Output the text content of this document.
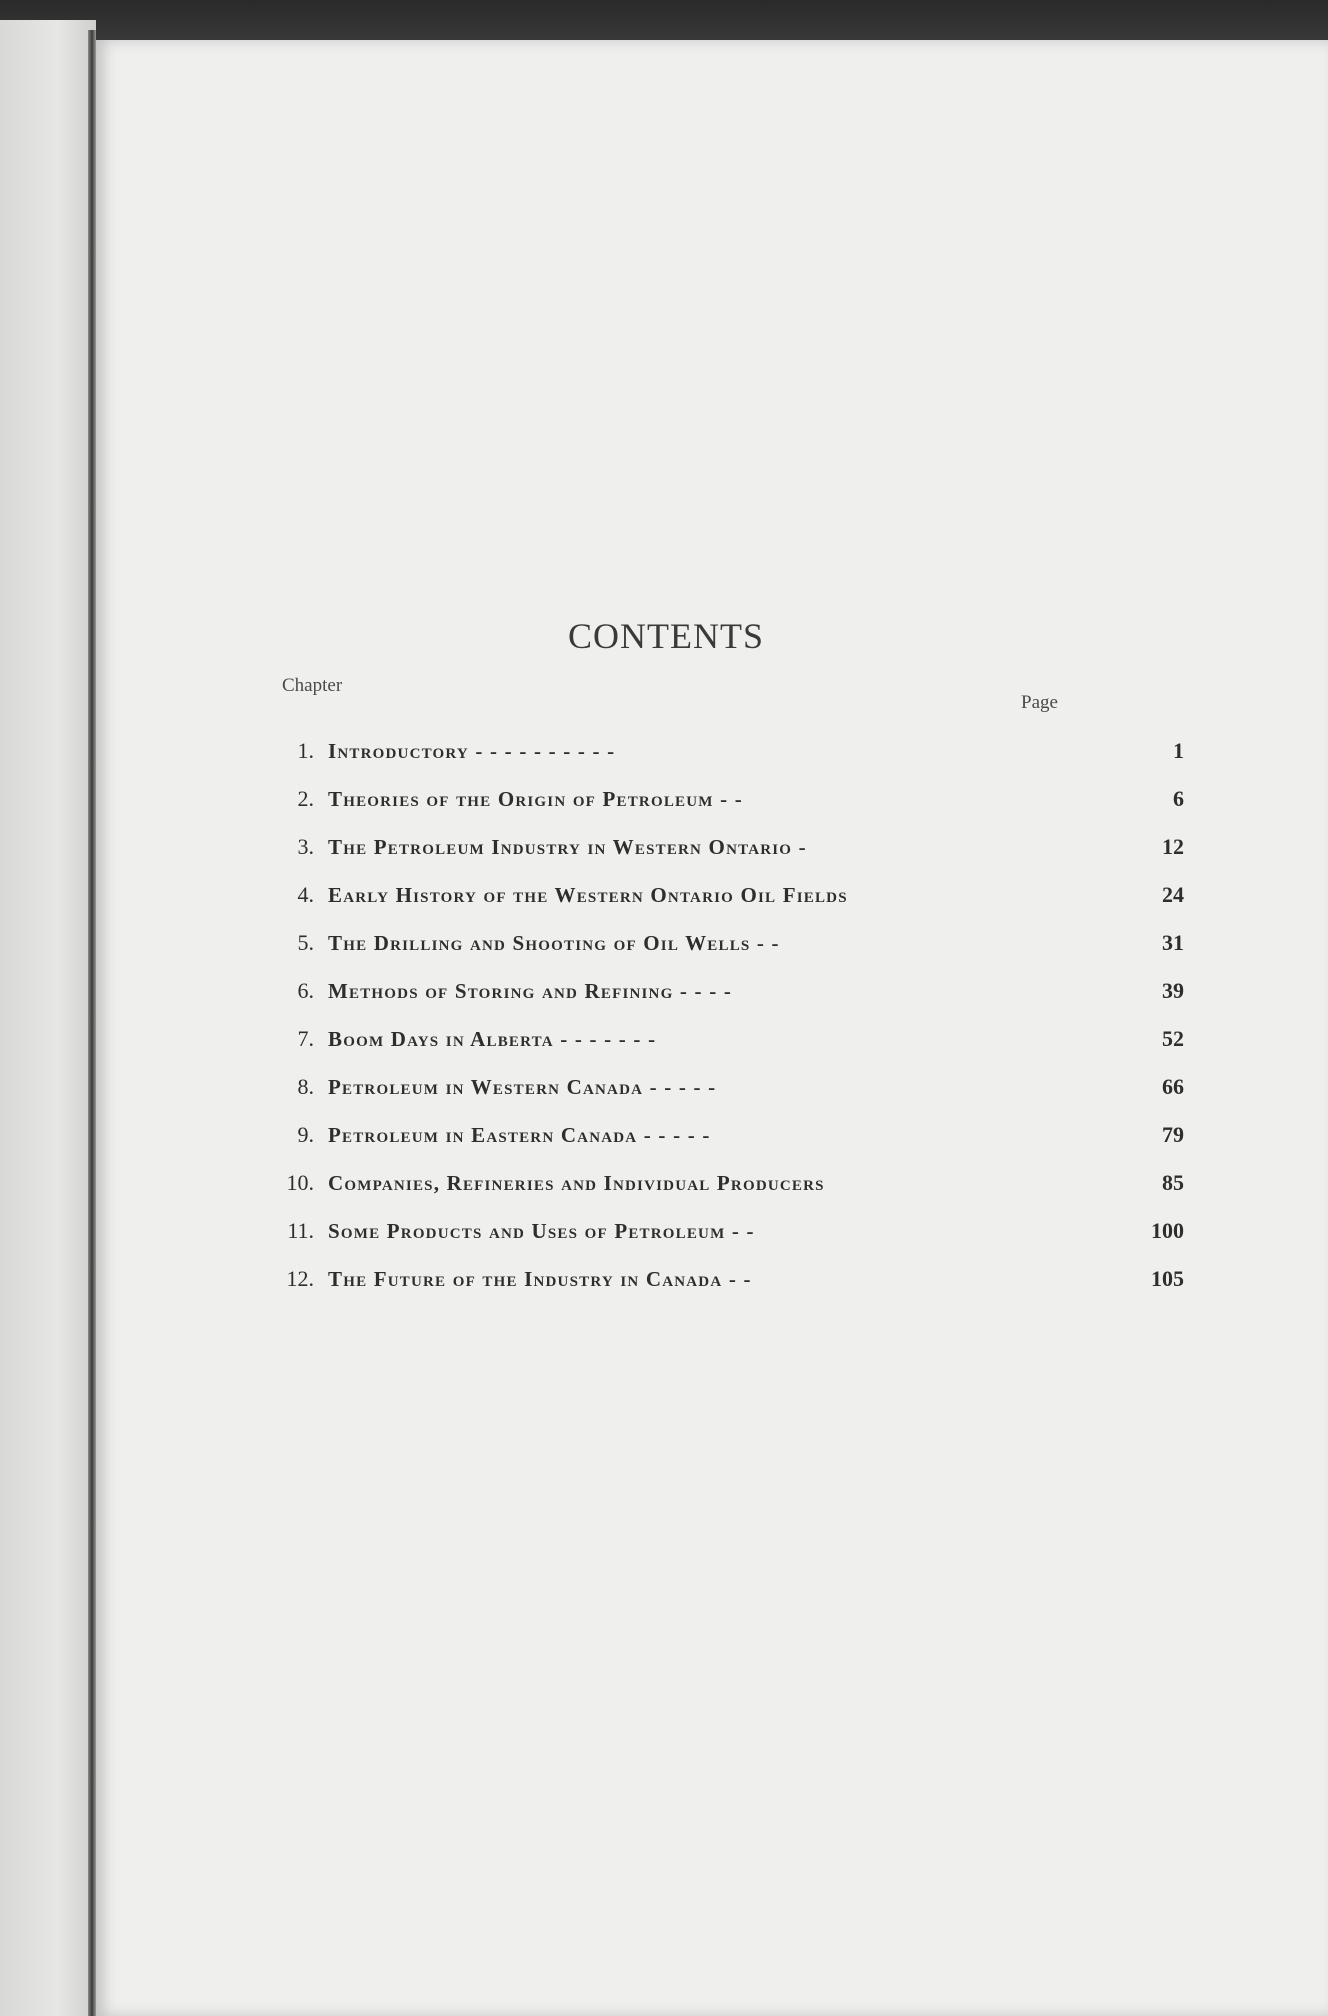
CONTENTS
Chapter
Page
1. Introductory - - - - - - - - - -	1
2. Theories of the Origin of Petroleum - -	6
3. The Petroleum Industry in Western Ontario -	12
4. Early History of the Western Ontario Oil Fields	24
5. The Drilling and Shooting of Oil Wells - -	31
6. Methods of Storing and Refining - - - -	39
7. Boom Days in Alberta - - - - - - -	52
8. Petroleum in Western Canada - - - - -	66
9. Petroleum in Eastern Canada - - - - -	79
10. Companies, Refineries and Individual Producers	85
11. Some Products and Uses of Petroleum - -	100
12. The Future of the Industry in Canada - -	105
